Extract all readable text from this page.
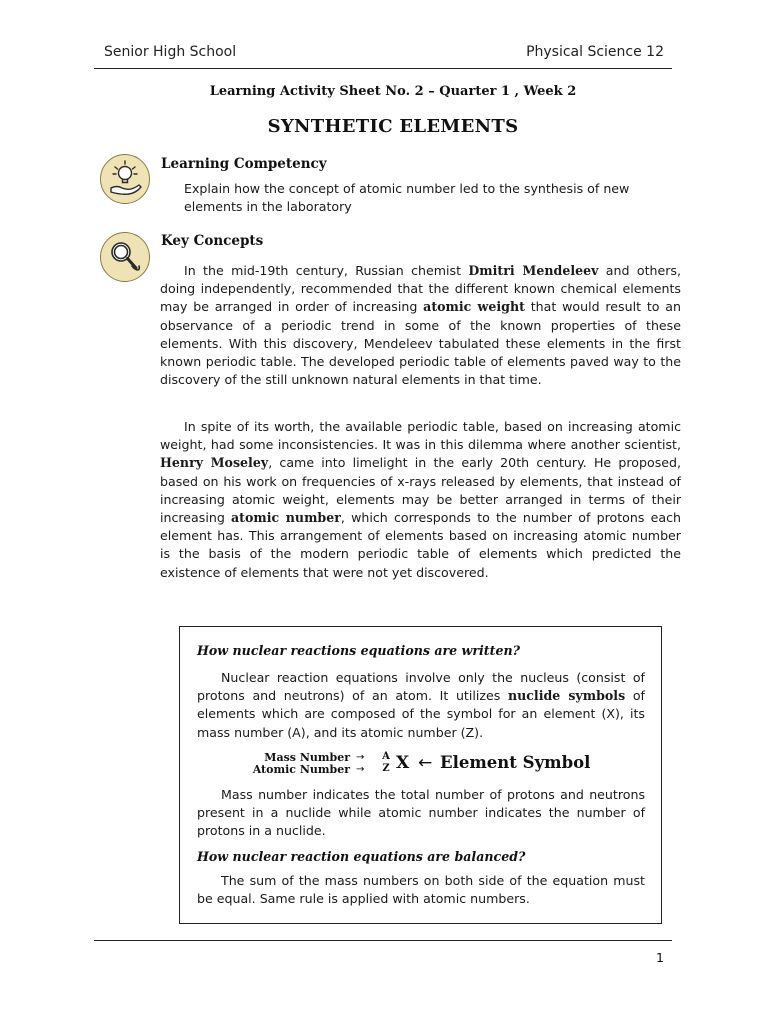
Senior High School	Physical Science 12
Learning Activity Sheet No. 2 – Quarter 1 , Week 2
SYNTHETIC ELEMENTS
Learning Competency

Explain how the concept of atomic number led to the synthesis of new elements in the laboratory

Key Concepts

In the mid-19th century, Russian chemist Dmitri Mendeleev and others, doing independently, recommended that the different known chemical elements may be arranged in order of increasing atomic weight that would result to an observance of a periodic trend in some of the known properties of these elements. With this discovery, Mendeleev tabulated these elements in the first known periodic table. The developed periodic table of elements paved way to the discovery of the still unknown natural elements in that time.

In spite of its worth, the available periodic table, based on increasing atomic weight, had some inconsistencies. It was in this dilemma where another scientist, Henry Moseley, came into limelight in the early 20th century. He proposed, based on his work on frequencies of x-rays released by elements, that instead of increasing atomic weight, elements may be better arranged in terms of their increasing atomic number, which corresponds to the number of protons each element has. This arrangement of elements based on increasing atomic number is the basis of the modern periodic table of elements which predicted the existence of elements that were not yet discovered.

How nuclear reactions equations are written?

Nuclear reaction equations involve only the nucleus (consist of protons and neutrons) of an atom. It utilizes nuclide symbols of elements which are composed of the symbol for an element (X), its mass number (A), and its atomic number (Z).

Mass Number
Atomic Number
→
→
A
Z X ← Element Symbol

Mass number indicates the total number of protons and neutrons present in a nuclide while atomic number indicates the number of protons in a nuclide.

How nuclear reaction equations are balanced?

The sum of the mass numbers on both side of the equation must be equal. Same rule is applied with atomic numbers.

1
